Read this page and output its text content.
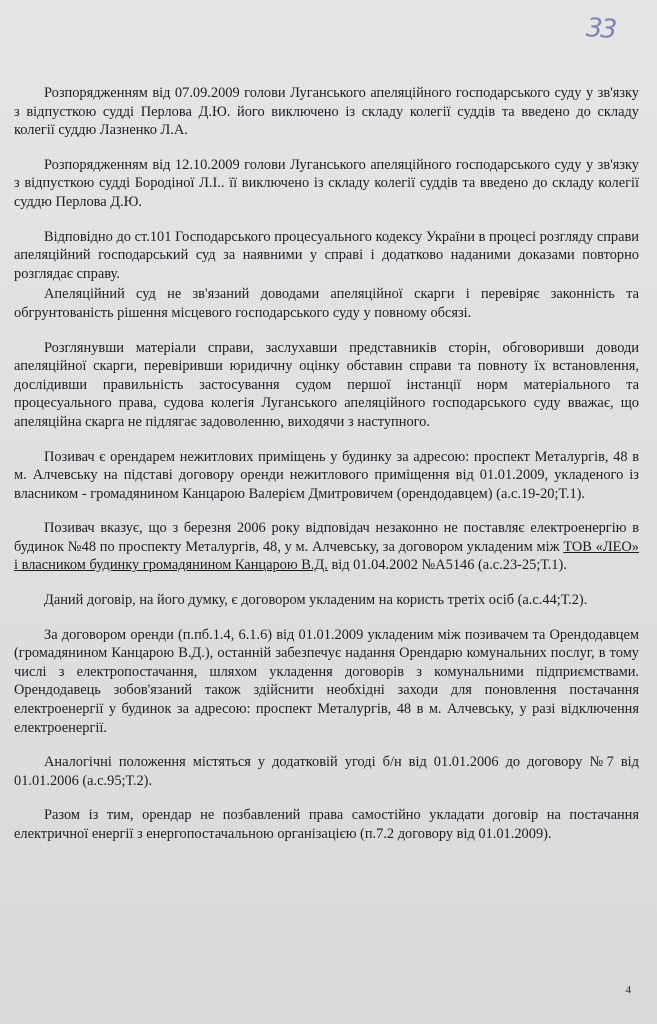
33

Розпорядженням від 07.09.2009 голови Луганського апеляційного господарського суду у зв'язку з відпусткою судді Перлова Д.Ю. його виключено із складу колегії суддів та введено до складу колегії суддю Лазненко Л.А.

Розпорядженням від 12.10.2009 голови Луганського апеляційного господарського суду у зв'язку з відпусткою судді Бородіної Л.І.. її виключено із складу колегії суддів та введено до складу колегії суддю Перлова Д.Ю.

Відповідно до ст.101 Господарського процесуального кодексу України в процесі розгляду справи апеляційний господарський суд за наявними у справі і додатково наданими доказами повторно розглядає справу.

Апеляційний суд не зв'язаний доводами апеляційної скарги і перевіряє законність та обгрунтованість рішення місцевого господарського суду у повному обсязі.

Розглянувши матеріали справи, заслухавши представників сторін, обговоривши доводи апеляційної скарги, перевіривши юридичну оцінку обставин справи та повноту їх встановлення, дослідивши правильність застосування судом першої інстанції норм матеріального та процесуального права, судова колегія Луганського апеляційного господарського суду вважає, що апеляційна скарга не підлягає задоволенню, виходячи з наступного.

Позивач є орендарем нежитлових приміщень у будинку за адресою: проспект Металургів, 48 в м. Алчевську на підставі договору оренди нежитлового приміщення від 01.01.2009, укладеного із власником - громадянином Канцарою Валерієм Дмитровичем (орендодавцем) (а.с.19-20;Т.1).

Позивач вказує, що з березня 2006 року відповідач незаконно не поставляє електроенергію в будинок №48 по проспекту Металургів, 48, у м. Алчевську, за договором укладеним між ТОВ «ЛЕО» і власником будинку громадянином Канцарою В.Д. від 01.04.2002 №А5146 (а.с.23-25;Т.1).

Даний договір, на його думку, є договором укладеним на користь третіх осіб (а.с.44;Т.2).

За договором оренди (п.пб.1.4, 6.1.6) від 01.01.2009 укладеним між позивачем та Орендодавцем (громадянином Канцарою В.Д.), останній забезпечує надання Орендарю комунальних послуг, в тому числі з електропостачання, шляхом укладення договорів з комунальними підприємствами. Орендодавець зобов'язаний також здійснити необхідні заходи для поновлення постачання електроенергії у будинок за адресою: проспект Металургів, 48 в м. Алчевську, у разі відключення електроенергії.

Аналогічні положення містяться у додатковій угоді б/н від 01.01.2006 до договору №7 від 01.01.2006 (а.с.95;Т.2).

Разом із тим, орендар не позбавлений права самостійно укладати договір на постачання електричної енергії з енергопостачальною організацією (п.7.2 договору від 01.01.2009).

4
